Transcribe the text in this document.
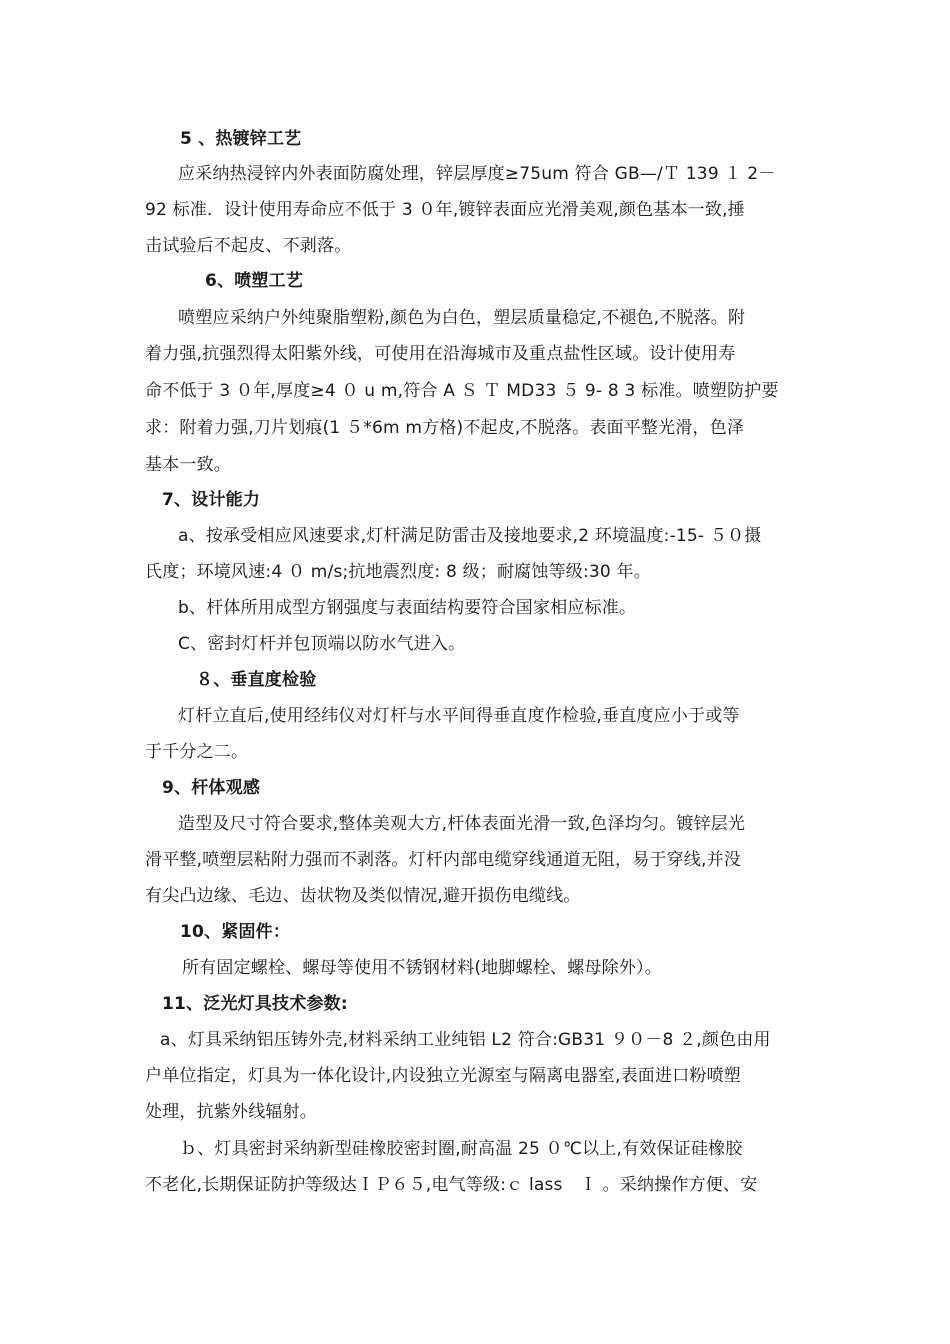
5 、热镀锌工艺
应采纳热浸锌内外表面防腐处理，锌层厚度≥75um 符合 GB—/Ｔ 139 １ 2－
92 标准．设计使用寿命应不低于 3 ０年,镀锌表面应光滑美观,颜色基本一致,捶
击试验后不起皮、不剥落。
6、喷塑工艺
喷塑应采纳户外纯聚脂塑粉,颜色为白色，塑层质量稳定,不褪色,不脱落。附
着力强,抗强烈得太阳紫外线，可使用在沿海城市及重点盐性区域。设计使用寿
命不低于 3 ０年,厚度≥4 ０ u m,符合 A Ｓ Ｔ MD33 ５ 9- 8 3 标准。喷塑防护要
求：附着力强,刀片划痕(1 ５*6m m方格)不起皮,不脱落。表面平整光滑，色泽
基本一致。
7、设计能力
a、按承受相应风速要求,灯杆满足防雷击及接地要求,2 环境温度:-15- ５０摄
氏度；环境风速:4 ０ m/s;抗地震烈度: 8 级；耐腐蚀等级:30 年。
b、杆体所用成型方钢强度与表面结构要符合国家相应标准。
C、密封灯杆并包顶端以防水气进入。
８、垂直度检验
灯杆立直后,使用经纬仪对灯杆与水平间得垂直度作检验,垂直度应小于或等
于千分之二。
9、杆体观感
造型及尺寸符合要求,整体美观大方,杆体表面光滑一致,色泽均匀。镀锌层光
滑平整,喷塑层粘附力强而不剥落。灯杆内部电缆穿线通道无阻，易于穿线,并没
有尖凸边缘、毛边、齿状物及类似情况,避开损伤电缆线。
10、紧固件：
所有固定螺栓、螺母等使用不锈钢材料(地脚螺栓、螺母除外）。
11、泛光灯具技术参数:
a、灯具采纳铝压铸外壳,材料采纳工业纯铝 L2 符合:GB31 ９０－8 ２,颜色由用
户单位指定，灯具为一体化设计,内设独立光源室与隔离电器室,表面进口粉喷塑
处理，抗紫外线辐射。
ｂ、灯具密封采纳新型硅橡胶密封圈,耐高温 25 ０℃以上,有效保证硅橡胶
不老化,长期保证防护等级达ＩＰ６５,电气等级:ｃ lass　Ｉ 。采纳操作方便、安
